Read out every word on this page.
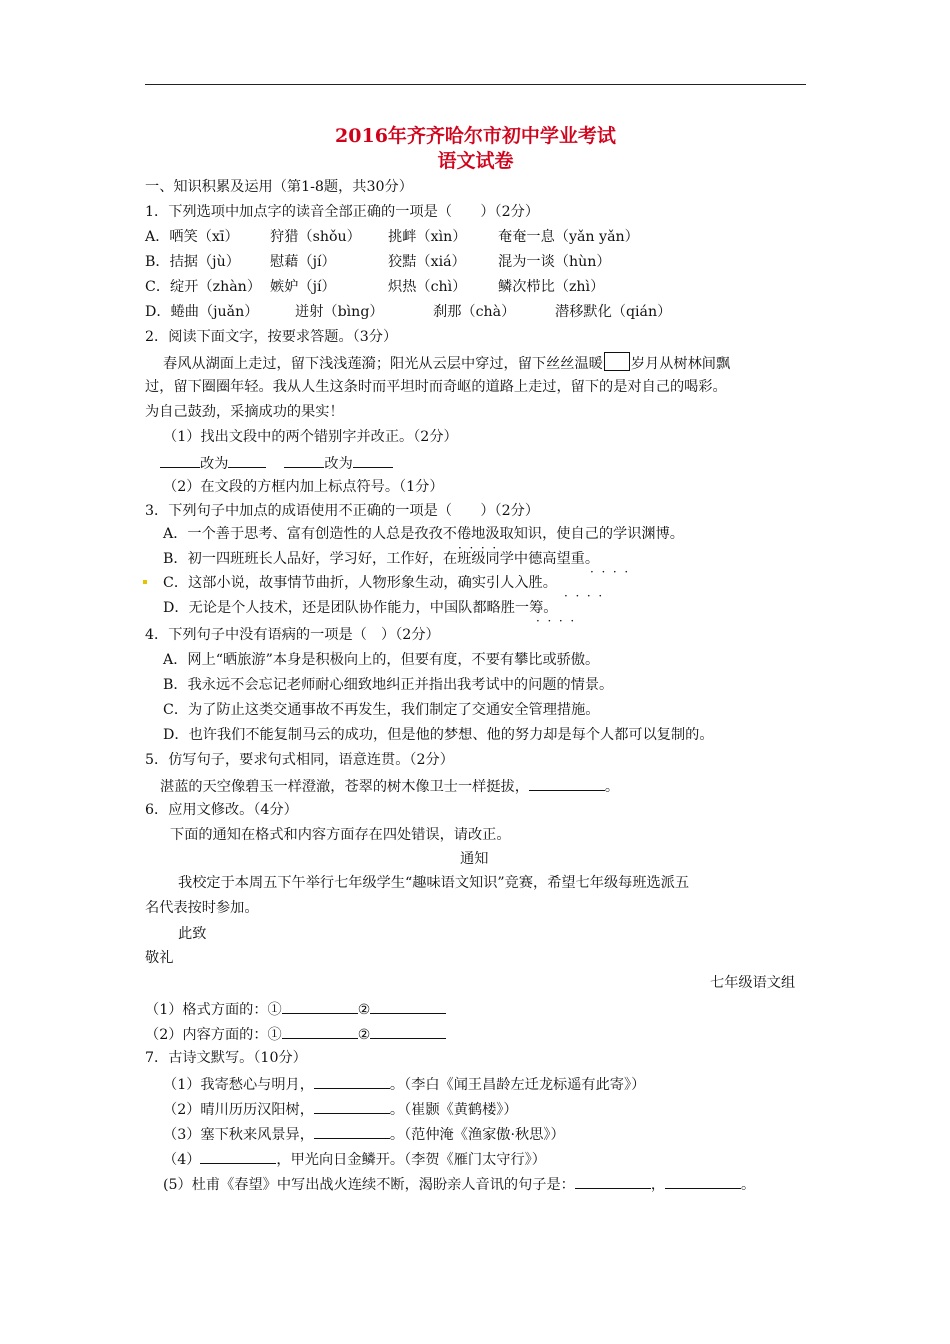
2016年齐齐哈尔市初中学业考试
语文试卷
一、知识积累及运用（第1-8题，共30分）
1．下列选项中加点字的读音全部正确的一项是（　　）（2分）
A．哂笑（xī） 狩猎（shǒu） 挑衅（xìn） 奄奄一息（yǎn yǎn）
B．拮据（jù） 慰藉（jí）	狡黠（xiá） 混为一谈（hùn）
C．绽开（zhàn） 嫉妒（jí）	炽热（chì） 鳞次栉比（zhì）
D．蜷曲（juǎn）	迸射（bìng）	刹那（chà）	潜移默化（qián）
2．阅读下面文字，按要求答题。（3分）
春风从湖面上走过，留下浅浅莲漪；阳光从云层中穿过，留下丝丝温暖 岁月从树林间飘
过，留下圈圈年轻。我从人生这条时而平坦时而奇岖的道路上走过，留下的是对自己的喝彩。
为自己鼓劲，采摘成功的果实！
（1）找出文段中的两个错别字并改正。（2分）
改为	改为
（2）在文段的方框内加上标点符号。（1分）
3．下列句子中加点的成语使用不正确的一项是（　　）（2分）
A．一个善于思考、富有创造性的人总是孜孜不倦地汲取知识，使自己的学识渊博。
B．初一四班班长人品好，学习好，工作好，在班级同学中德高望重。
C．这部小说，故事情节曲折，人物形象生动，确实引人入胜。
D．无论是个人技术，还是团队协作能力，中国队都略胜一筹。
·  ·  ·  ·
·  ·  ·  ·
·  ·  ·  ·
·  ·  ·  ·
4．下列句子中没有语病的一项是（　）（2分）
A．网上“晒旅游”本身是积极向上的，但要有度，不要有攀比或骄傲。
B．我永远不会忘记老师耐心细致地纠正并指出我考试中的问题的情景。
C．为了防止这类交通事故不再发生，我们制定了交通安全管理措施。
D．也许我们不能复制马云的成功，但是他的梦想、他的努力却是每个人都可以复制的。
5．仿写句子，要求句式相同，语意连贯。（2分）
湛蓝的天空像碧玉一样澄澈，苍翠的树木像卫士一样挺拔，	。
6．应用文修改。（4分）
下面的通知在格式和内容方面存在四处错误，请改正。
通知
我校定于本周五下午举行七年级学生“趣味语文知识”竞赛，希望七年级每班选派五
名代表按时参加。
此致
敬礼
七年级语文组
（1）格式方面的：①	②
（2）内容方面的：①	②
7．古诗文默写。（10分）
（1）我寄愁心与明月，	。（李白《闻王昌龄左迁龙标遥有此寄》）
（2）晴川历历汉阳树，	。（崔颢《黄鹤楼》）
（3）塞下秋来风景异，	。（范仲淹《渔家傲·秋思》）
（4）	，甲光向日金鳞开。（李贺《雁门太守行》）
(5）杜甫《春望》中写出战火连续不断，渴盼亲人音讯的句子是：	，	。
